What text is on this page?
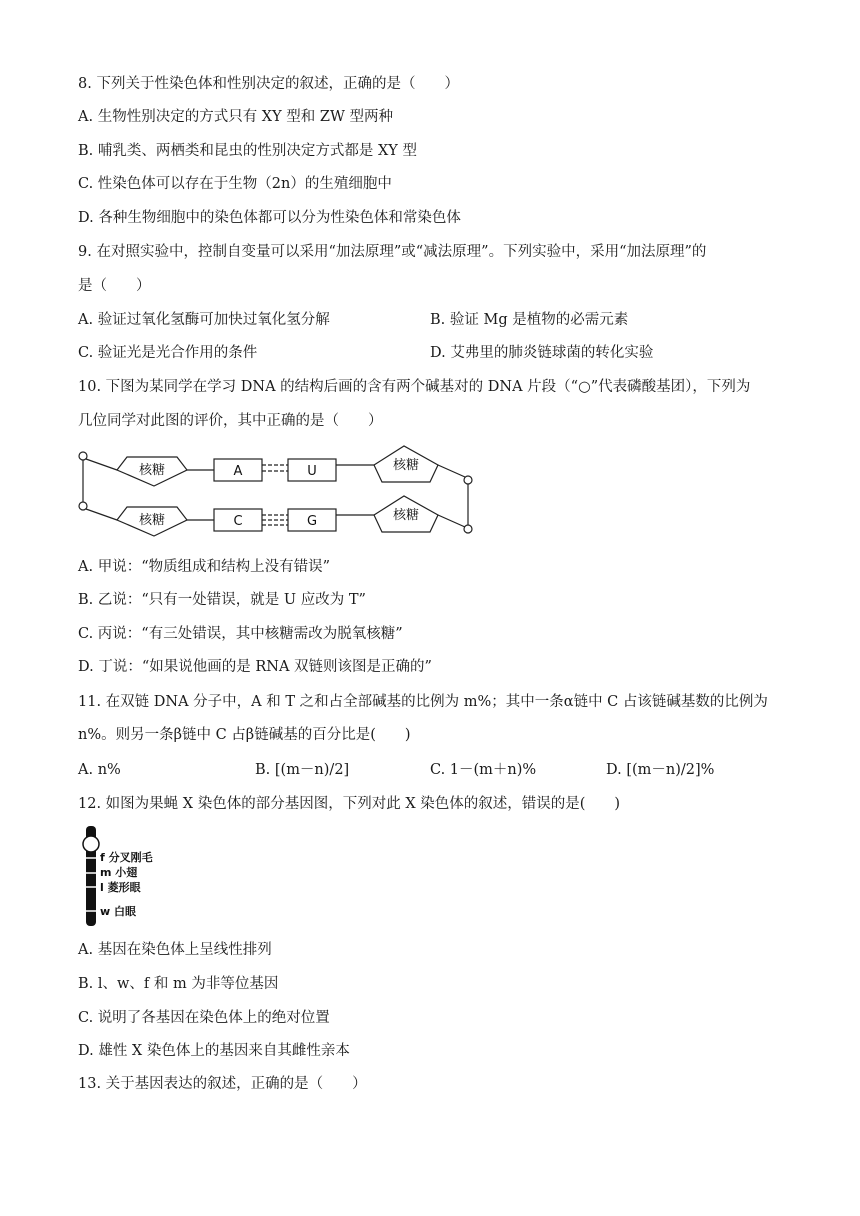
8. 下列关于性染色体和性别决定的叙述，正确的是（　　）
A. 生物性别决定的方式只有 XY 型和 ZW 型两种
B. 哺乳类、两栖类和昆虫的性别决定方式都是 XY 型
C. 性染色体可以存在于生物（2n）的生殖细胞中
D. 各种生物细胞中的染色体都可以分为性染色体和常染色体
9. 在对照实验中，控制自变量可以采用“加法原理”或“减法原理”。下列实验中，采用“加法原理”的
是（　　）
A. 验证过氧化氢酶可加快过氧化氢分解	B. 验证 Mg 是植物的必需元素
C. 验证光是光合作用的条件	D. 艾弗里的肺炎链球菌的转化实验
10. 下图为某同学在学习 DNA 的结构后画的含有两个碱基对的 DNA 片段（“○”代表磷酸基团），下列为
几位同学对此图的评价，其中正确的是（　　）
核糖
核糖
核糖
核糖
A	U
C	G
A. 甲说：“物质组成和结构上没有错误”
B. 乙说：“只有一处错误，就是 U 应改为 T”
C. 丙说：“有三处错误，其中核糖需改为脱氧核糖”
D. 丁说：“如果说他画的是 RNA 双链则该图是正确的”
11. 在双链 DNA 分子中，A 和 T 之和占全部碱基的比例为 m%；其中一条α链中 C 占该链碱基数的比例为
n%。则另一条β链中 C 占β链碱基的百分比是(　　)
A. n%	B. [(m－n)/2]	C. 1－(m＋n)%	D. [(m－n)/2]%
12. 如图为果蝇 X 染色体的部分基因图，下列对此 X 染色体的叙述，错误的是(　　)
f 分叉刚毛
m 小翅
l 菱形眼
w 白眼
A. 基因在染色体上呈线性排列
B. l、w、f 和 m 为非等位基因
C. 说明了各基因在染色体上的绝对位置
D. 雄性 X 染色体上的基因来自其雌性亲本
13. 关于基因表达的叙述，正确的是（　　）
